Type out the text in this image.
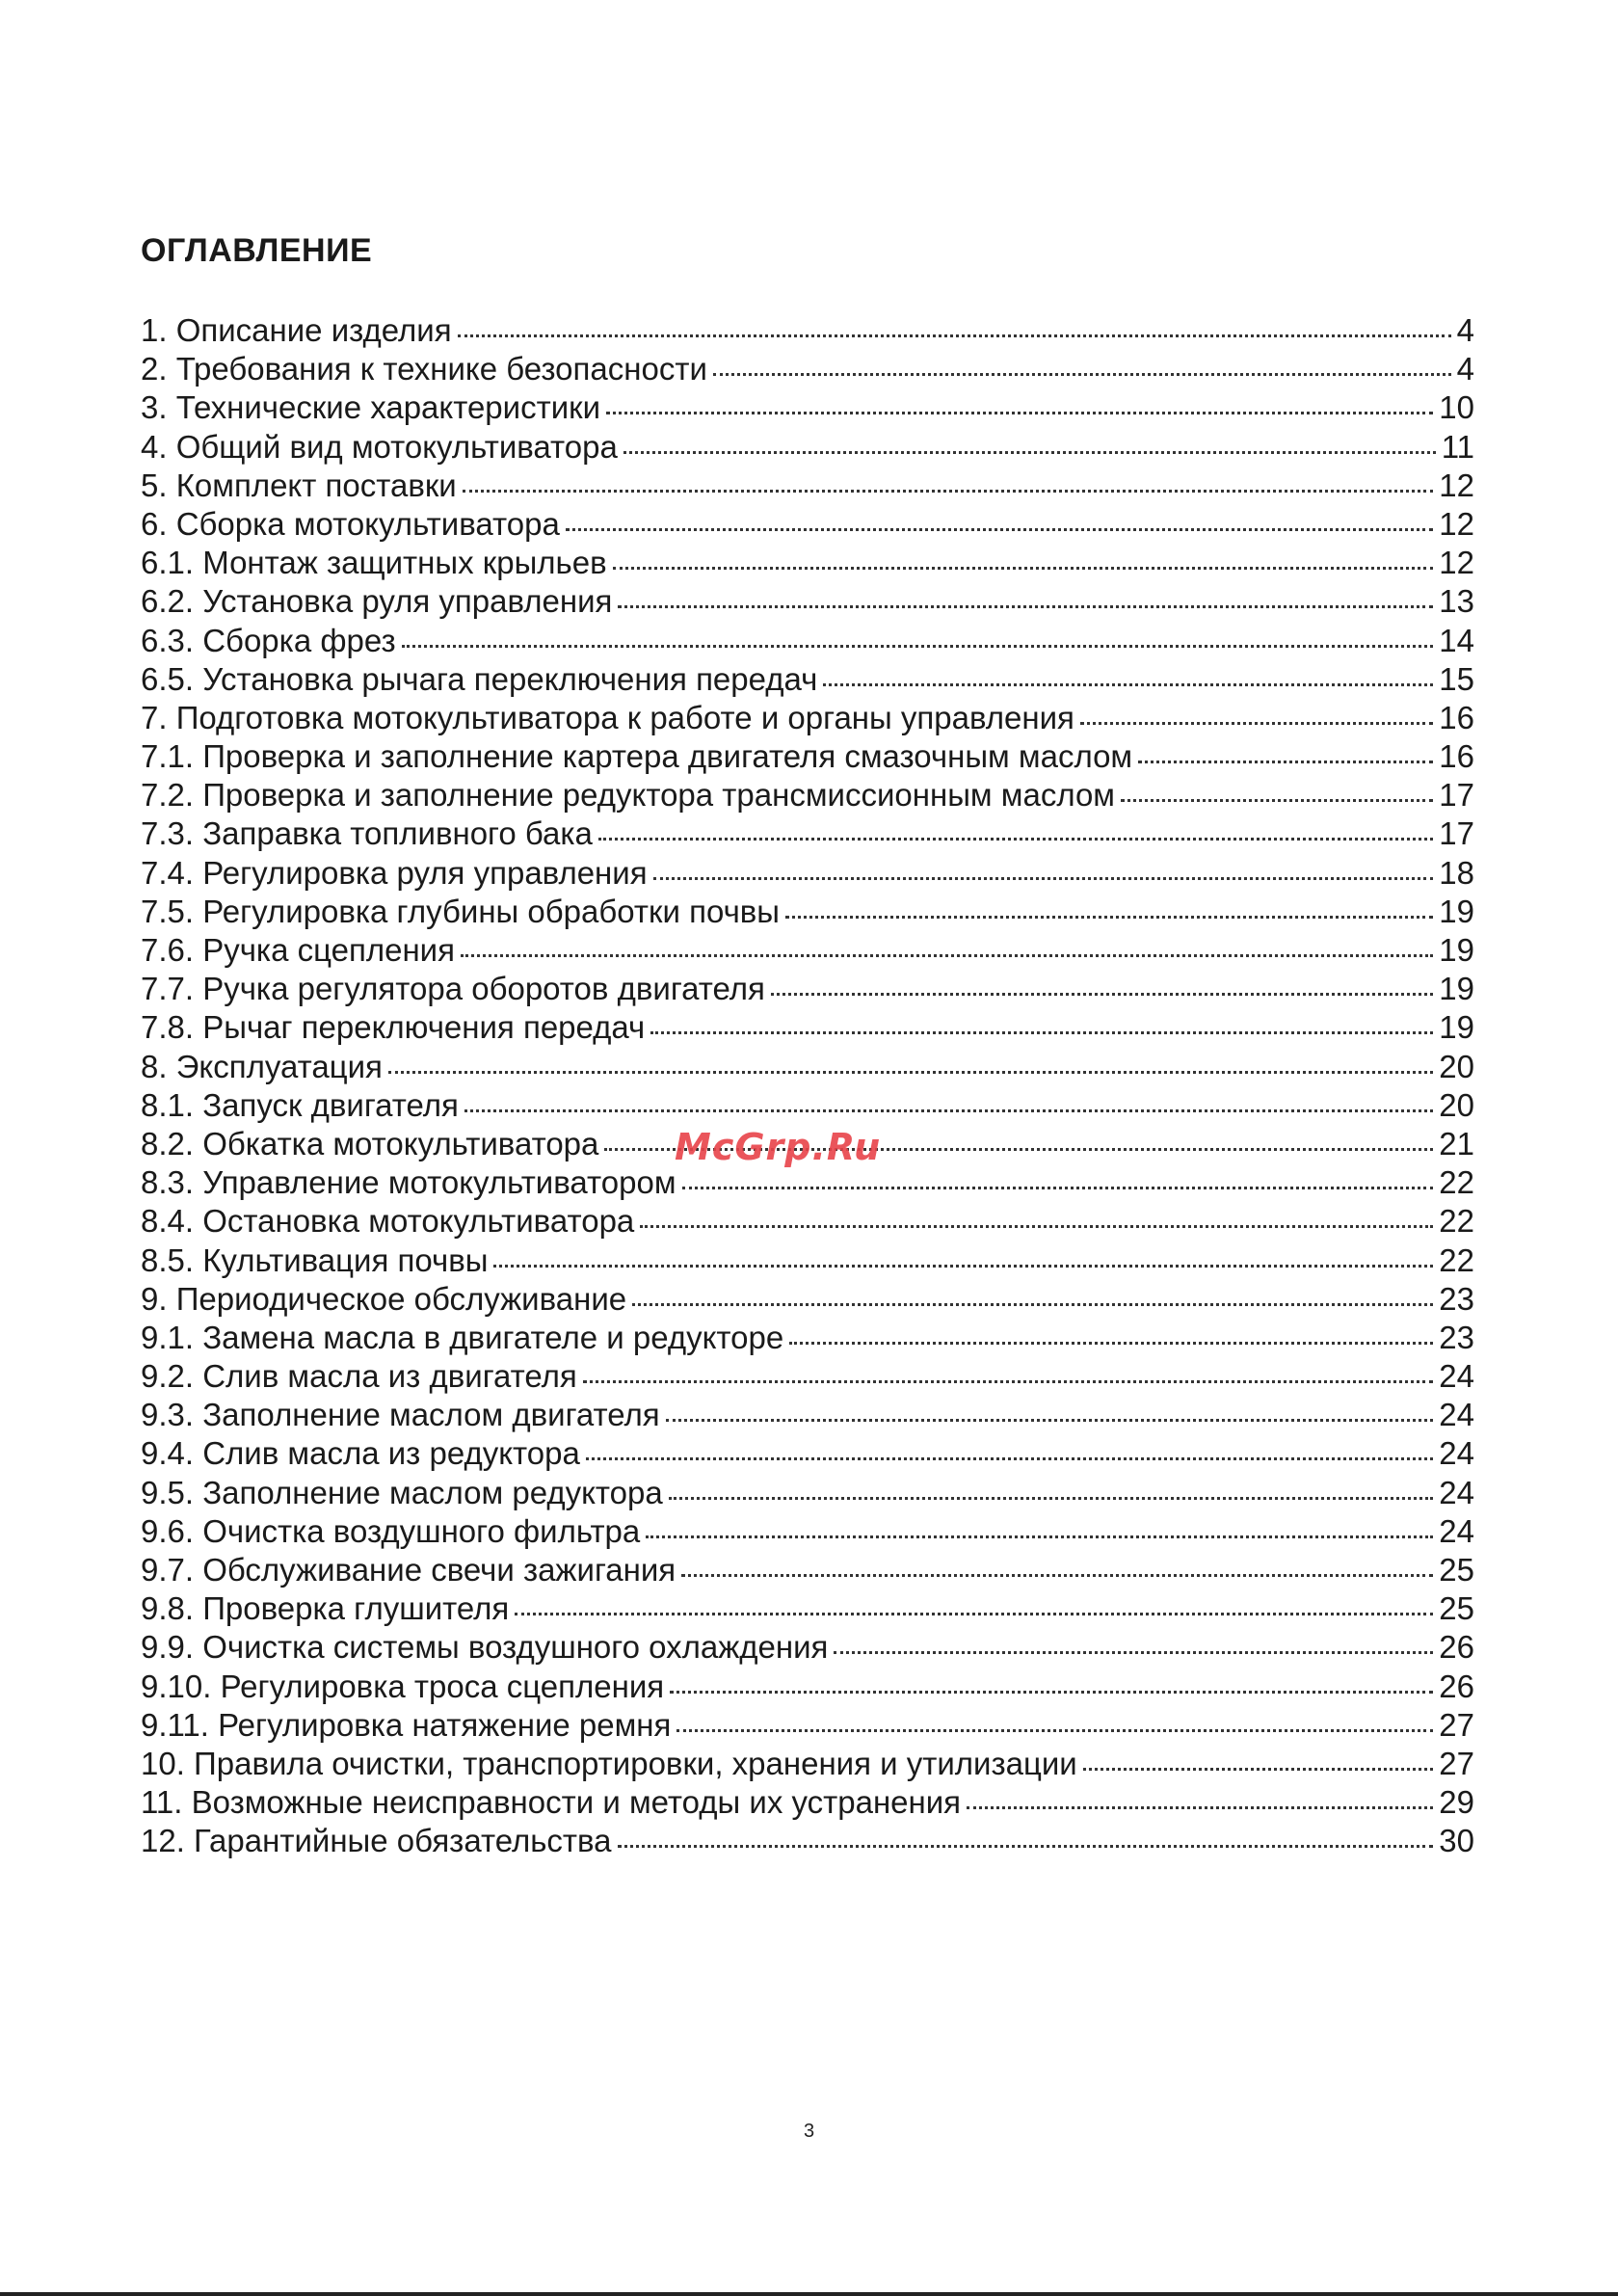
ОГЛАВЛЕНИЕ
1. Описание изделия	4
2. Требования к технике безопасности	4
3. Технические характеристики	10
4. Общий вид мотокультиватора	11
5. Комплект поставки	12
6. Сборка мотокультиватора	12
6.1. Монтаж защитных крыльев	12
6.2. Установка руля управления	13
6.3. Сборка фрез	14
6.5. Установка рычага переключения передач	15
7. Подготовка мотокультиватора к работе и органы управления	16
7.1. Проверка и заполнение картера двигателя смазочным маслом	16
7.2. Проверка и заполнение редуктора трансмиссионным маслом	17
7.3. Заправка топливного бака	17
7.4. Регулировка руля управления	18
7.5. Регулировка глубины обработки почвы	19
7.6. Ручка сцепления	19
7.7. Ручка регулятора оборотов двигателя	19
7.8. Рычаг переключения передач	19
8. Эксплуатация	20
8.1. Запуск двигателя	20
8.2. Обкатка мотокультиватора	21
8.3. Управление мотокультиватором	22
8.4. Остановка мотокультиватора	22
8.5. Культивация почвы	22
9. Периодическое обслуживание	23
9.1. Замена масла в двигателе и редукторе	23
9.2. Слив масла из двигателя	24
9.3. Заполнение маслом двигателя	24
9.4. Слив масла из редуктора	24
9.5. Заполнение маслом редуктора	24
9.6. Очистка воздушного фильтра	24
9.7. Обслуживание свечи зажигания	25
9.8. Проверка глушителя	25
9.9. Очистка системы воздушного охлаждения	26
9.10. Регулировка троса сцепления	26
9.11. Регулировка натяжение ремня	27
10. Правила очистки, транспортировки, хранения и утилизации	27
11. Возможные неисправности и методы их устранения	29
12. Гарантийные обязательства	30
McGrp.Ru
3
